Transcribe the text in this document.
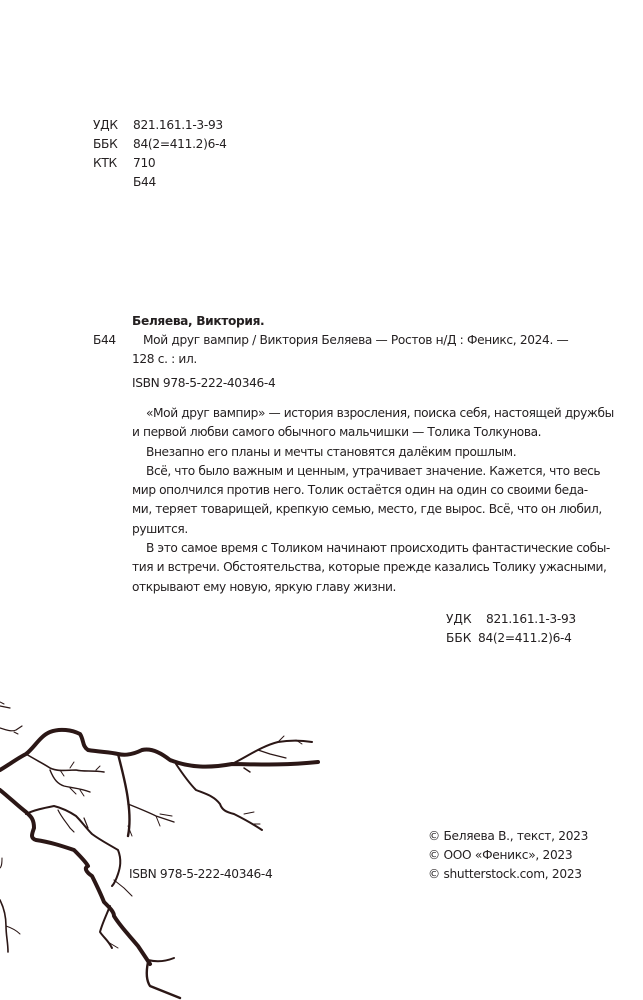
УДК 821.161.1-3-93
ББК 84(2=411.2)6-4
КТК 710
Б44
Беляева, Виктория.
Б44 Мой друг вампир / Виктория Беляева — Ростов н/Д : Феникс, 2024. —
128 с. : ил.
ISBN 978-5-222-40346-4

«Мой друг вампир» — история взросления, поиска себя, настоящей дружбы
и первой любви самого обычного мальчишки — Толика Толкунова.

Внезапно его планы и мечты становятся далёким прошлым.

Всё, что было важным и ценным, утрачивает значение. Кажется, что весь
мир ополчился против него. Толик остаётся один на один со своими беда-
ми, теряет товарищей, крепкую семью, место, где вырос. Всё, что он любил,
рушится.

В это самое время с Толиком начинают происходить фантастические собы-
тия и встречи. Обстоятельства, которые прежде казались Толику ужасными,
открывают ему новую, яркую главу жизни.

УДК 821.161.1-3-93
ББК 84(2=411.2)6-4
ISBN 978-5-222-40346-4
© Беляева В., текст, 2023
© ООО «Феникс», 2023
© shutterstock.com, 2023
